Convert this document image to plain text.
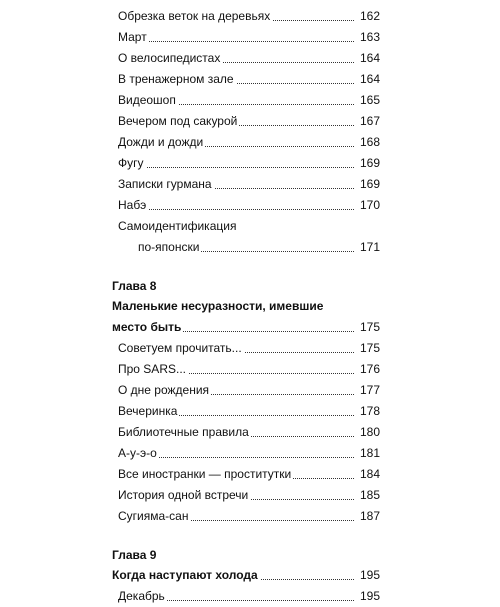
Обрезка веток на деревьях	162
Март	163
О велосипедистах	164
В тренажерном зале	164
Видеошоп	165
Вечером под сакурой	167
Дожди и дожди	168
Фугу	169
Записки гурмана	169
Набэ	170
Самоидентификация
по-японски	171
Глава 8
Маленькие несуразности, имевшие
место быть	175
Советуем прочитать...	175
Про SARS...	176
О дне рождения	177
Вечеринка	178
Библиотечные правила	180
А-у-э-о	181
Все иностранки — проститутки	184
История одной встречи	185
Сугияма-сан	187
Глава 9
Когда наступают холода	195
Декабрь	195
